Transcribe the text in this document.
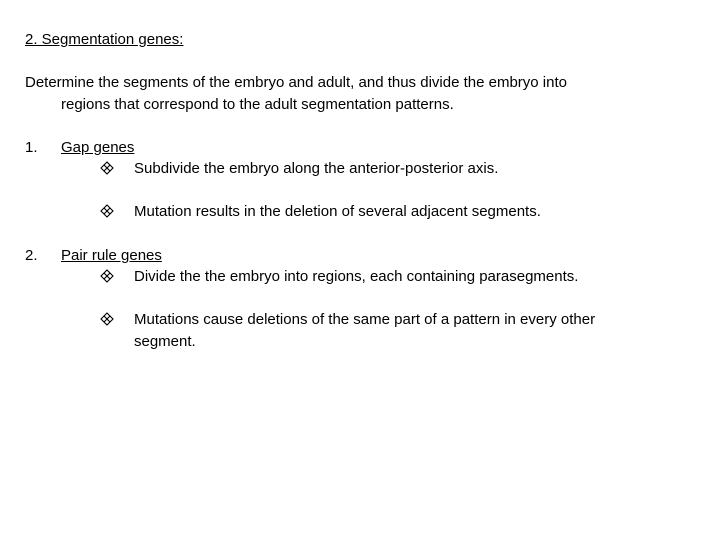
2. Segmentation genes:
Determine the segments of the embryo and adult, and thus divide the embryo into
regions that correspond to the adult segmentation patterns.
1. Gap genes
Subdivide the embryo along the anterior-posterior axis.
Mutation results in the deletion of several adjacent segments.
2. Pair rule genes
Divide the the embryo into regions, each containing parasegments.
Mutations cause deletions of the same part of a pattern in every other
segment.
